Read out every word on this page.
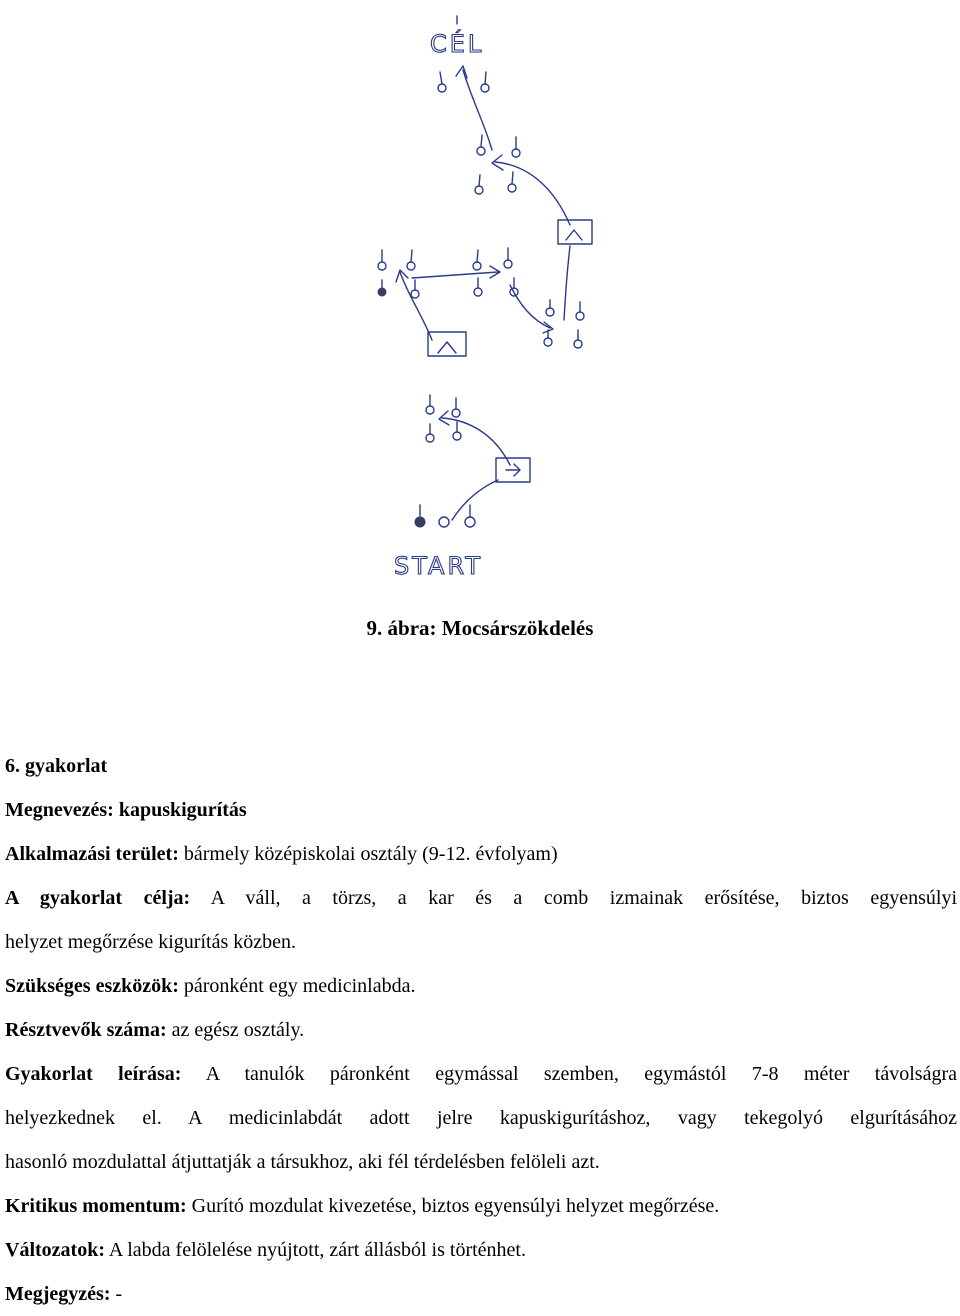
CÉL
START
9. ábra: Mocsárszökdelés

6. gyakorlat

Megnevezés: kapuskigurítás

Alkalmazási terület: bármely középiskolai osztály (9-12. évfolyam)

A gyakorlat célja: A váll, a törzs, a kar és a comb izmainak erősítése, biztos egyensúlyi

helyzet megőrzése kigurítás közben.

Szükséges eszközök: páronként egy medicinlabda.

Résztvevők száma: az egész osztály.

Gyakorlat leírása: A tanulók páronként egymással szemben, egymástól 7-8 méter távolságra

helyezkednek el. A medicinlabdát adott jelre kapuskigurításhoz, vagy tekegolyó elgurításához

hasonló mozdulattal átjuttatják a társukhoz, aki fél térdelésben felöleli azt.

Kritikus momentum: Gurító mozdulat kivezetése, biztos egyensúlyi helyzet megőrzése.

Változatok: A labda felölelése nyújtott, zárt állásból is történhet.

Megjegyzés: -
